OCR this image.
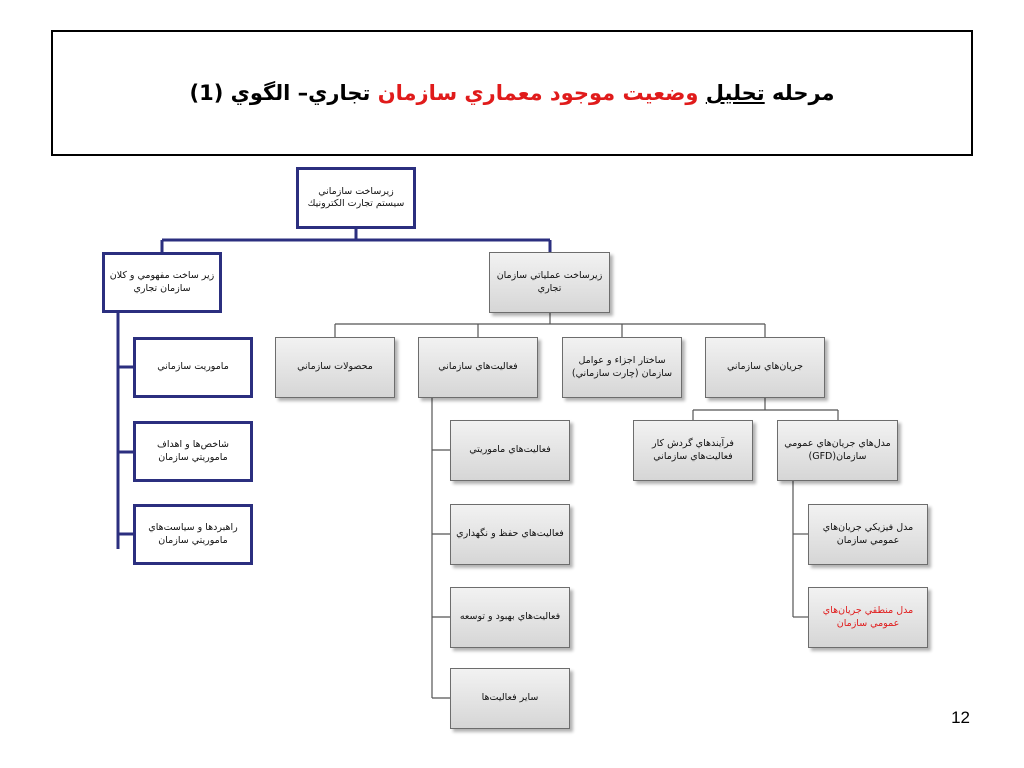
مرحله تحليل وضعيت موجود معماري سازمان تجاري– الگوي (1)
زيرساخت سازماني سيستم تجارت الكترونيك
زير ساخت مفهومي و كلان سازمان تجاري
ماموريت سازماني
شاخص‌ها و اهداف ماموريتي سازمان
راهبردها و سياست‌هاي ماموريتي سازمان
زيرساخت عملياتي سازمان تجاري
محصولات سازماني	فعاليت‌هاي سازماني
ساختار اجزاء و عوامل سازمان (چارت سازماني)
جريان‌هاي سازماني
فعاليت‌هاي ماموريتي
فعاليت‌هاي حفظ و نگهداري
فعاليت‌هاي بهبود و توسعه
ساير فعاليت‌ها
فرآيندهاي گردش كار فعاليت‌هاي سازماني
مدل‌هاي جريان‌هاي عمومي سازمان(GFD)
مدل فيزيكي جريان‌هاي عمومي سازمان
مدل منطقي جريان‌هاي عمومي سازمان
12
